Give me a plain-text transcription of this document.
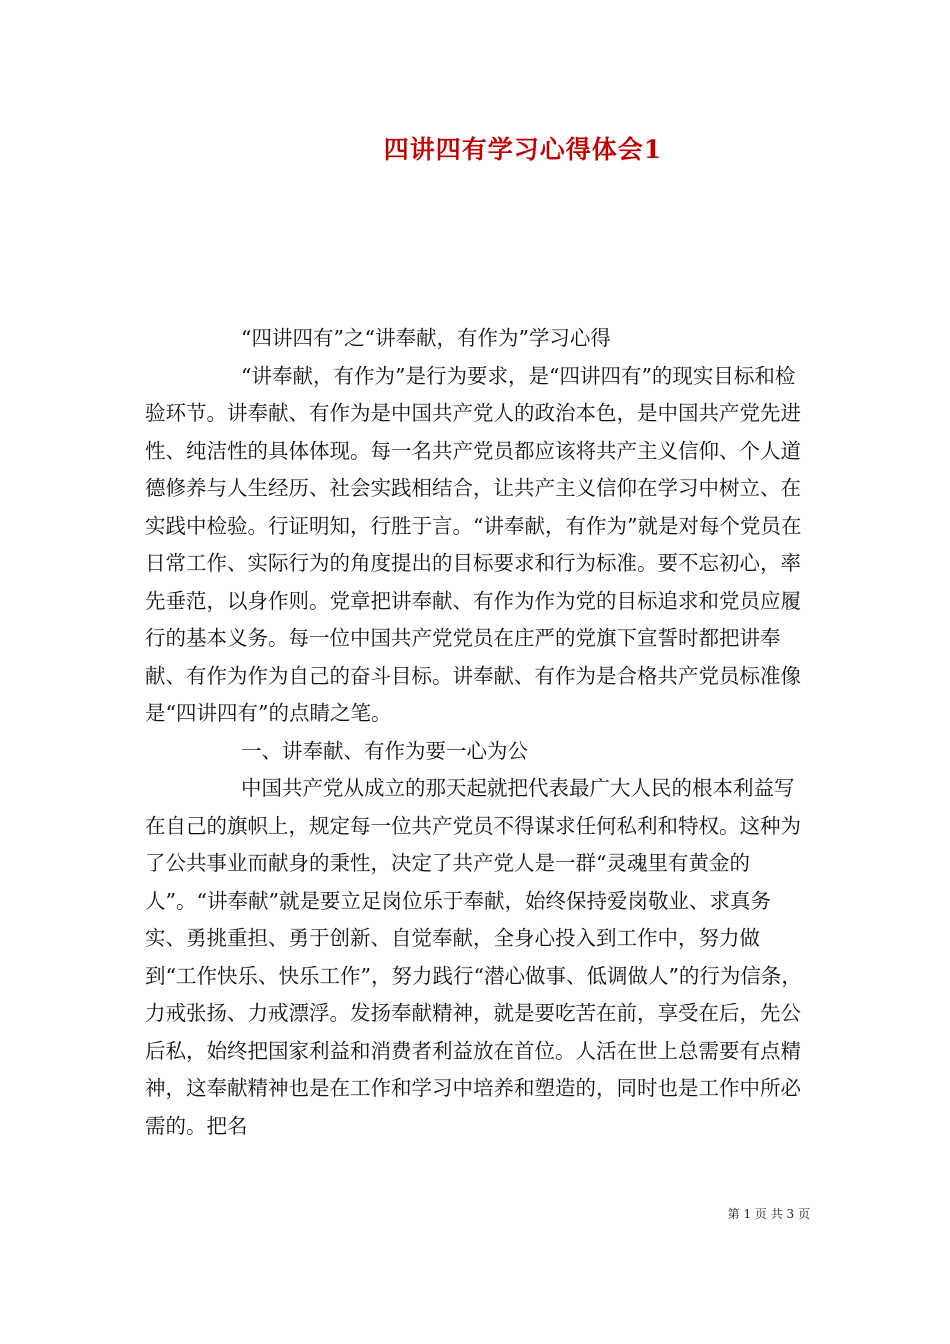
四讲四有学习心得体会1

“四讲四有”之“讲奉献，有作为”学习心得

“讲奉献，有作为”是行为要求，是“四讲四有”的现实目标和检验环节。讲奉献、有作为是中国共产党人的政治本色，是中国共产党先进性、纯洁性的具体体现。每一名共产党员都应该将共产主义信仰、个人道德修养与人生经历、社会实践相结合，让共产主义信仰在学习中树立、在实践中检验。行证明知，行胜于言。“讲奉献，有作为”就是对每个党员在日常工作、实际行为的角度提出的目标要求和行为标准。要不忘初心，率先垂范，以身作则。党章把讲奉献、有作为作为党的目标追求和党员应履行的基本义务。每一位中国共产党党员在庄严的党旗下宣誓时都把讲奉献、有作为作为自己的奋斗目标。讲奉献、有作为是合格共产党员标准像是“四讲四有”的点睛之笔。

一、讲奉献、有作为要一心为公

中国共产党从成立的那天起就把代表最广大人民的根本利益写在自己的旗帜上，规定每一位共产党员不得谋求任何私利和特权。这种为了公共事业而献身的秉性，决定了共产党人是一群“灵魂里有黄金的人”。“讲奉献”就是要立足岗位乐于奉献，始终保持爱岗敬业、求真务实、勇挑重担、勇于创新、自觉奉献，全身心投入到工作中，努力做到“工作快乐、快乐工作”，努力践行“潜心做事、低调做人”的行为信条，力戒张扬、力戒漂浮。发扬奉献精神，就是要吃苦在前，享受在后，先公后私，始终把国家利益和消费者利益放在首位。人活在世上总需要有点精神，这奉献精神也是在工作和学习中培养和塑造的，同时也是工作中所必需的。把名

第 1 页 共 3 页
